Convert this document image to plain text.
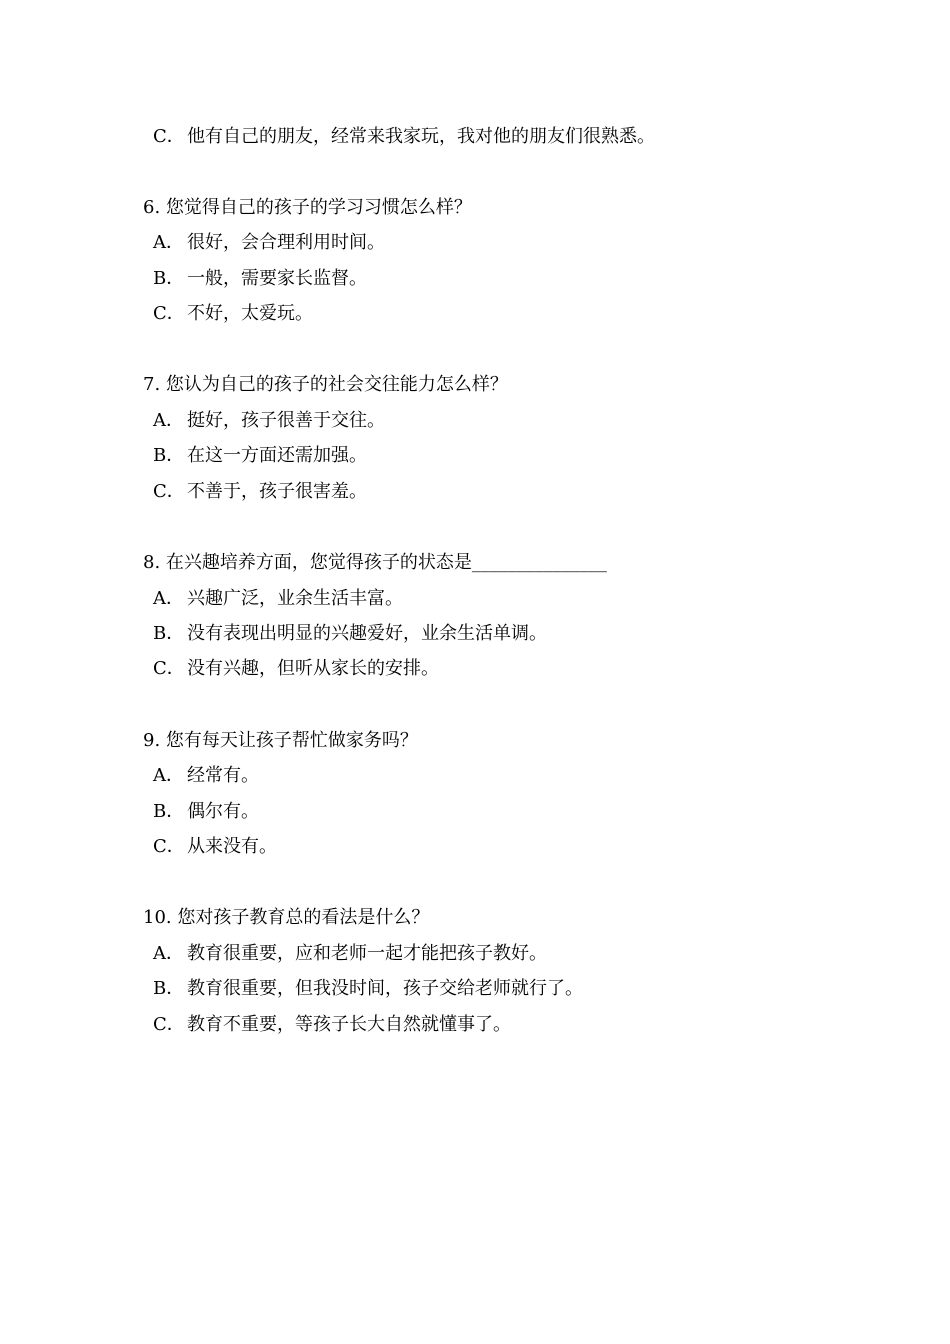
C． 他有自己的朋友，经常来我家玩，我对他的朋友们很熟悉。
6. 您觉得自己的孩子的学习习惯怎么样？
A． 很好，会合理利用时间。
B． 一般，需要家长监督。
C． 不好，太爱玩。
7. 您认为自己的孩子的社会交往能力怎么样？
A． 挺好，孩子很善于交往。
B． 在这一方面还需加强。
C． 不善于，孩子很害羞。
8. 在兴趣培养方面，您觉得孩子的状态是_______________
A． 兴趣广泛，业余生活丰富。
B． 没有表现出明显的兴趣爱好，业余生活单调。
C． 没有兴趣，但听从家长的安排。
9. 您有每天让孩子帮忙做家务吗？
A． 经常有。
B． 偶尔有。
C． 从来没有。
10. 您对孩子教育总的看法是什么？
A． 教育很重要，应和老师一起才能把孩子教好。
B． 教育很重要，但我没时间，孩子交给老师就行了。
C． 教育不重要，等孩子长大自然就懂事了。
